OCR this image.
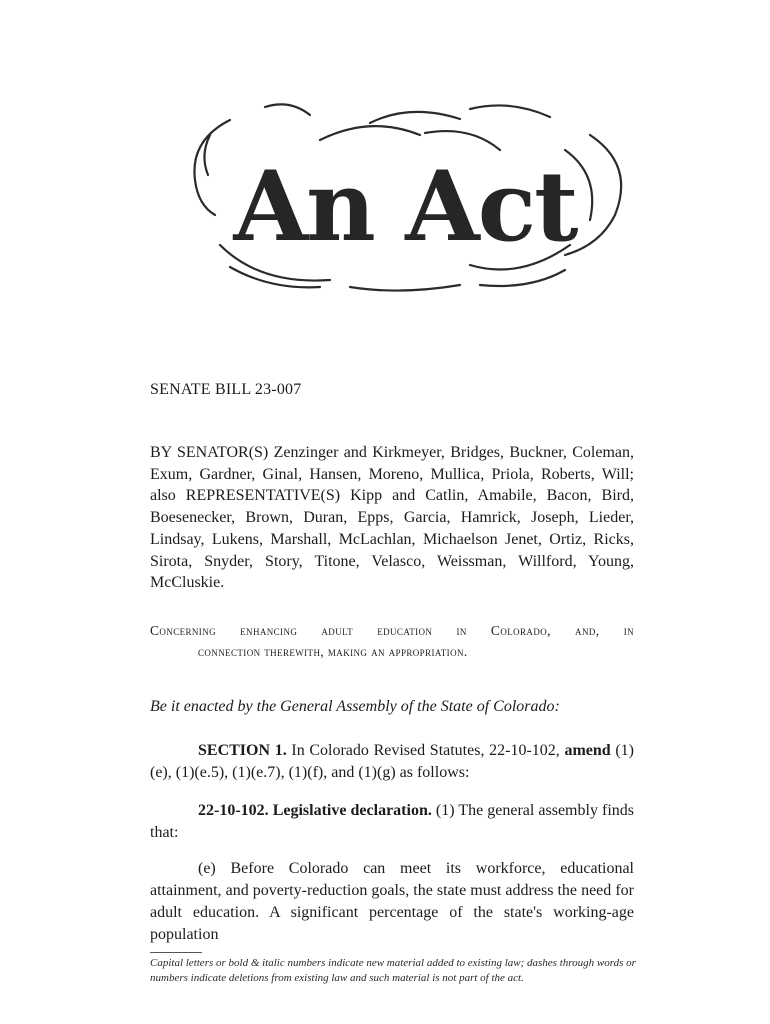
An Act
SENATE BILL 23-007

BY SENATOR(S) Zenzinger and Kirkmeyer, Bridges, Buckner, Coleman, Exum, Gardner, Ginal, Hansen, Moreno, Mullica, Priola, Roberts, Will; also REPRESENTATIVE(S) Kipp and Catlin, Amabile, Bacon, Bird, Boesenecker, Brown, Duran, Epps, Garcia, Hamrick, Joseph, Lieder, Lindsay, Lukens, Marshall, McLachlan, Michaelson Jenet, Ortiz, Ricks, Sirota, Snyder, Story, Titone, Velasco, Weissman, Willford, Young, McCluskie.

Concerning enhancing adult education in Colorado, and, in
connection therewith, making an appropriation.
Be it enacted by the General Assembly of the State of Colorado:

SECTION 1. In Colorado Revised Statutes, 22-10-102, amend (1)(e), (1)(e.5), (1)(e.7), (1)(f), and (1)(g) as follows:

22-10-102. Legislative declaration. (1) The general assembly finds that:

(e) Before Colorado can meet its workforce, educational attainment, and poverty-reduction goals, the state must address the need for adult education. A significant percentage of the state's working-age population

Capital letters or bold & italic numbers indicate new material added to existing law; dashes through words or numbers indicate deletions from existing law and such material is not part of the act.
